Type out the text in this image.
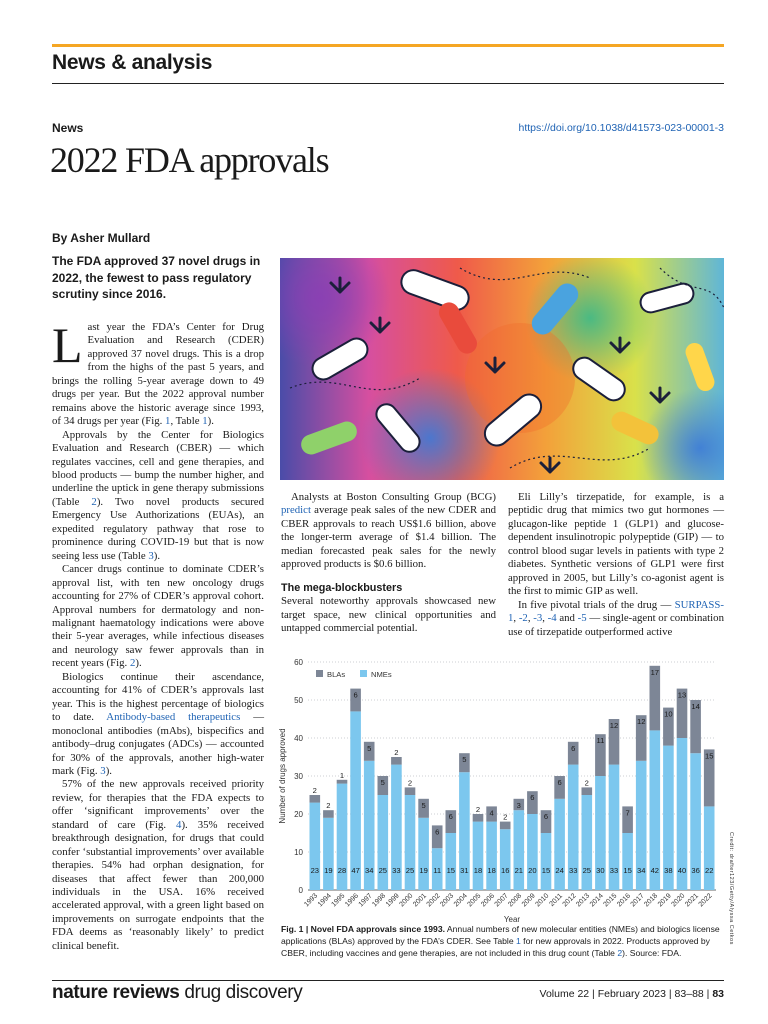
News & analysis
News	https://doi.org/10.1038/d41573-023-00001-3
2022 FDA approvals
By Asher Mullard
The FDA approved 37 novel drugs in 2022, the fewest to pass regulatory scrutiny since 2016.

Last year the FDA’s Center for Drug Evaluation and Research (CDER) approved 37 novel drugs. This is a drop from the highs of the past 5 years, and brings the rolling 5-year average down to 49 drugs per year. But the 2022 approval number remains above the historic average since 1993, of 34 drugs per year (Fig. 1, Table 1).

Approvals by the Center for Biologics Evaluation and Research (CBER) — which regulates vaccines, cell and gene therapies, and blood products — bump the number higher, and underline the uptick in gene therapy submissions (Table 2). Two novel products secured Emergency Use Authorizations (EUAs), an expedited regulatory pathway that rose to prominence during COVID-19 but that is now seeing less use (Table 3).

Cancer drugs continue to dominate CDER’s approval list, with ten new oncology drugs accounting for 27% of CDER’s approval cohort. Approval numbers for dermatology and non-malignant haematology indications were above their 5-year averages, while infectious diseases and neurology saw fewer approvals than in recent years (Fig. 2).

Biologics continue their ascendance, accounting for 41% of CDER’s approvals last year. This is the highest percentage of biologics to date. Antibody-based therapeutics — monoclonal antibodies (mAbs), bispecifics and antibody–drug conjugates (ADCs) — accounted for 30% of the approvals, another high-water mark (Fig. 3).

57% of the new approvals received priority review, for therapies that the FDA expects to offer ‘significant improvements’ over the standard of care (Fig. 4). 35% received breakthrough designation, for drugs that could confer ‘substantial improvements’ over available therapies. 54% had orphan designation, for diseases that affect fewer than 200,000 individuals in the USA. 16% received accelerated approval, with a green light based on improvements on surrogate endpoints that the FDA deems as ‘reasonably likely’ to predict clinical benefit.

Analysts at Boston Consulting Group (BCG) predict average peak sales of the new CDER and CBER approvals to reach US$1.6 billion, above the longer-term average of $1.4 billion. The median forecasted peak sales for the newly approved products is $0.6 billion.

The mega-blockbusters

Several noteworthy approvals showcased new target space, new clinical opportunities and untapped commercial potential.

Eli Lilly’s tirzepatide, for example, is a peptidic drug that mimics two gut hormones — glucagon-like peptide 1 (GLP1) and glucose-dependent insulinotropic polypeptide (GIP) — to control blood sugar levels in patients with type 2 diabetes. Synthetic versions of GLP1 were first approved in 2005, but Lilly’s co-agonist agent is the first to mimic GIP as well.

In five pivotal trials of the drug — SURPASS-1, -2, -3, -4 and -5 — single-agent or combination use of tirzepatide outperformed active

0
10
20
30
40
50
60
Number of drugs approved
23
2
1993
19
2
1994
28
1
1995
47
6
1996
34
5
1997
25
5
1998
33
2
1999
25
2
2000
19
5
2001
11
6
2002
15
6
2003
31
5
2004
18
2
2005
18
4
2006
16
2
2007
21
3
2008
20
6
2009
15
6
2010
24
6
2011
33
6
2012
25
2
2013
30
11
2014
33
12
2015
15
7
2016
34
12
2017
42
17
2018
38
10
2019
40
13
2020
36
14
2021
22
15
2022
Year
BLAs	NMEs
Fig. 1 | Novel FDA approvals since 1993. Annual numbers of new molecular entities (NMEs) and biologics license applications (BLAs) approved by the FDA’s CDER. See Table 1 for new approvals in 2022. Products approved by CBER, including vaccines and gene therapies, are not included in this drug count (Table 2). Source: FDA.
Credit: drafter123/Getty/Alyssa Cetkos
nature reviews drug discovery	Volume 22 | February 2023 | 83–88 | 83
